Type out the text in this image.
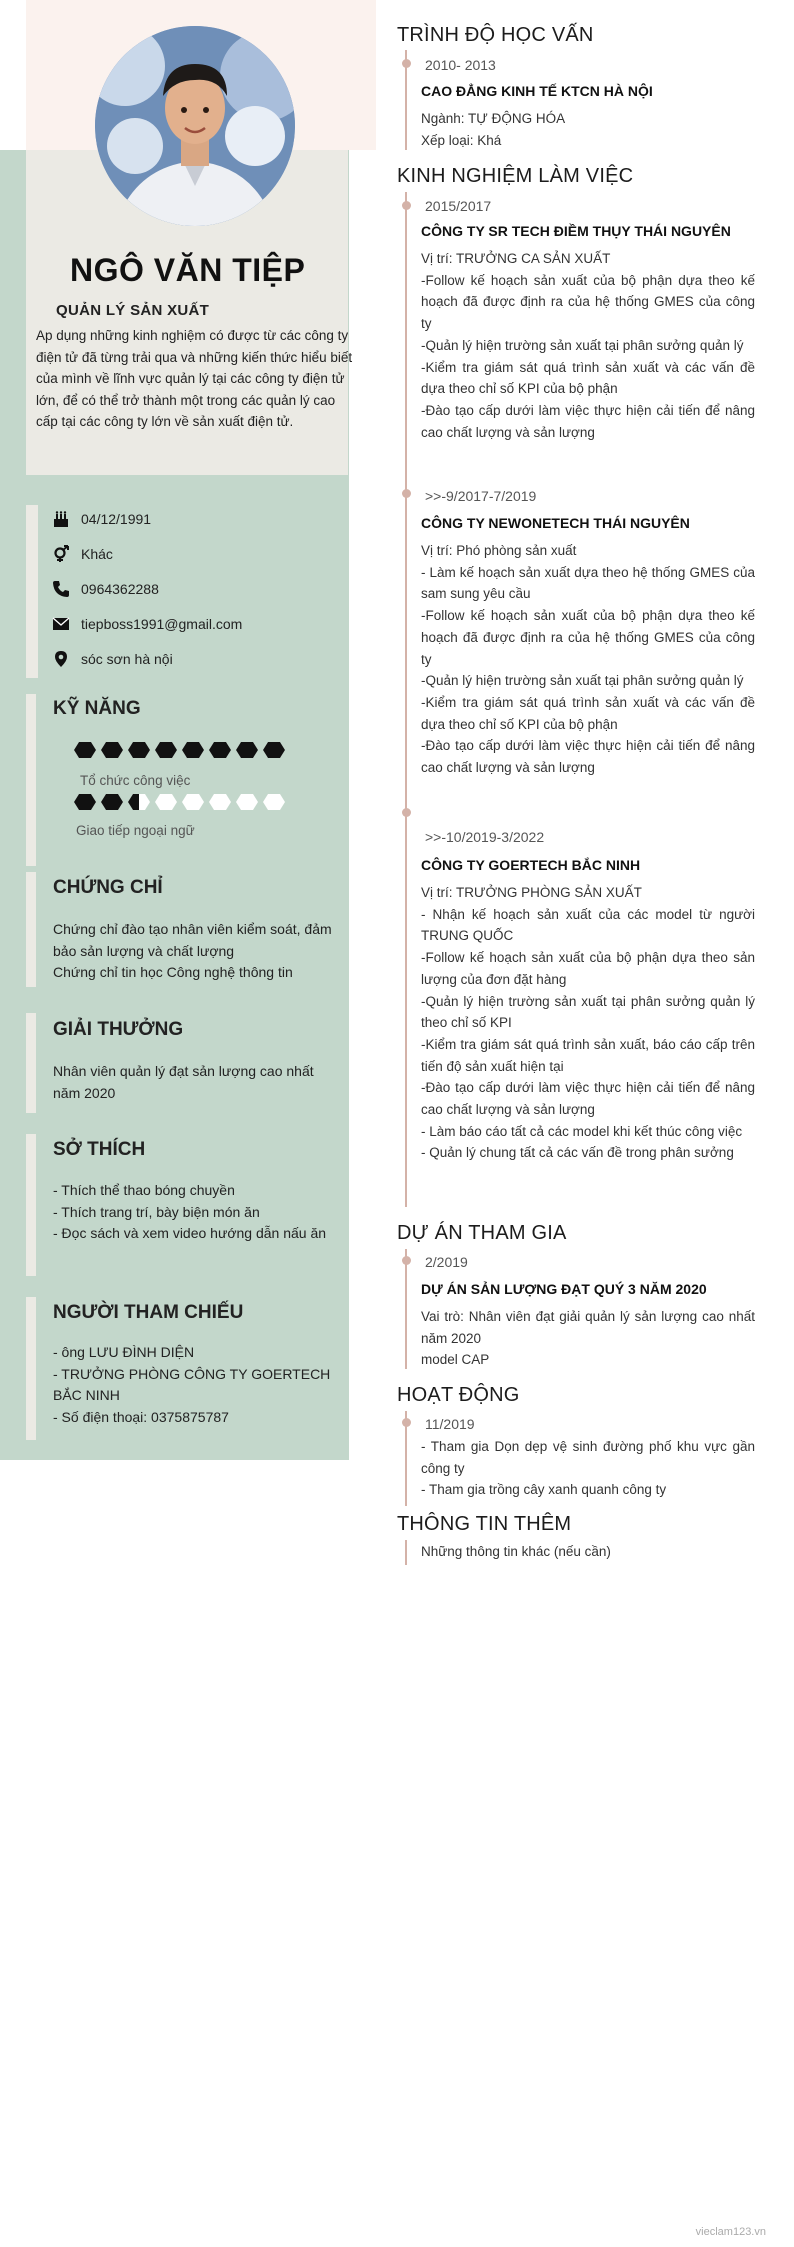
NGÔ VĂN TIỆP
QUẢN LÝ SẢN XUẤT
Ap dụng những kinh nghiệm có được từ các công ty điện tử đã từng trải qua và những kiến thức hiểu biết của mình về lĩnh vực quản lý tại các công ty điện tử lớn, để có thể trở thành một trong các quản lý cao cấp tại các công ty lớn về sản xuất điện tử.
04/12/1991
Khác
0964362288
tiepboss1991@gmail.com
sóc sơn hà nội
KỸ NĂNG
Tổ chức công việc
Giao tiếp ngoại ngữ
CHỨNG CHỈ
Chứng chỉ đào tạo nhân viên kiểm soát, đảm bảo sản lượng và chất lượng
Chứng chỉ tin học Công nghệ thông tin
GIẢI THƯỞNG
Nhân viên quản lý đạt sản lượng cao nhất năm 2020
SỞ THÍCH
- Thích thể thao bóng chuyền
- Thích trang trí, bày biện món ăn
- Đọc sách và xem video hướng dẫn nấu ăn
NGƯỜI THAM CHIẾU
- ông LƯU ĐÌNH DIỆN
- TRƯỞNG PHÒNG CÔNG TY GOERTECH BẮC NINH
- Số điện thoại: 0375875787
TRÌNH ĐỘ HỌC VẤN
2010- 2013
CAO ĐẲNG KINH TẾ KTCN HÀ NỘI
Ngành: TỰ ĐỘNG HÓA
Xếp loại: Khá
KINH NGHIỆM LÀM VIỆC
2015/2017
CÔNG TY SR TECH ĐIỀM THỤY THÁI NGUYÊN
Vị trí: TRƯỞNG CA SẢN XUẤT
-Follow kế hoạch sản xuất của bộ phận dựa theo kế hoạch đã được định ra của hệ thống GMES của công ty
-Quản lý hiện trường sản xuất tại phân sưởng quản lý
-Kiểm tra giám sát quá trình sản xuất và các vấn đề dựa theo chỉ số KPI của bộ phận
-Đào tạo cấp dưới làm việc thực hiện cải tiến để nâng cao chất lượng và sản lượng
>>-9/2017-7/2019
CÔNG TY NEWONETECH THÁI NGUYÊN
Vị trí: Phó phòng sản xuất
- Làm kế hoạch sản xuất dựa theo hệ thống GMES của sam sung yêu cầu
-Follow kế hoạch sản xuất của bộ phận dựa theo kế hoạch đã được định ra của hệ thống GMES của công ty
-Quản lý hiện trường sản xuất tại phân sưởng quản lý
-Kiểm tra giám sát quá trình sản xuất và các vấn đề dựa theo chỉ số KPI của bộ phận
-Đào tạo cấp dưới làm việc thực hiện cải tiến để nâng cao chất lượng và sản lượng
>>-10/2019-3/2022
CÔNG TY GOERTECH BẮC NINH
Vị trí: TRƯỞNG PHÒNG SẢN XUẤT
- Nhận kế hoạch sản xuất của các model từ người TRUNG QUỐC
-Follow kế hoạch sản xuất của bộ phận dựa theo sản lượng của đơn đặt hàng
-Quản lý hiện trường sản xuất tại phân sưởng quản lý theo chỉ số KPI
-Kiểm tra giám sát quá trình sản xuất, báo cáo cấp trên tiến độ sản xuất hiện tại
-Đào tạo cấp dưới làm việc thực hiện cải tiến để nâng cao chất lượng và sản lượng
- Làm báo cáo tất cả các model khi kết thúc công việc
- Quản lý chung tất cả các vấn đề trong phân sưởng
DỰ ÁN THAM GIA
2/2019
DỰ ÁN SẢN LƯỢNG ĐẠT QUÝ 3 NĂM 2020
Vai trò: Nhân viên đạt giải quản lý sản lượng cao nhất năm 2020
model CAP
HOẠT ĐỘNG
11/2019
- Tham gia Dọn dẹp vệ sinh đường phố khu vực gần công ty
- Tham gia trồng cây xanh quanh công ty
THÔNG TIN THÊM
Những thông tin khác (nếu cần)
vieclam123.vn
